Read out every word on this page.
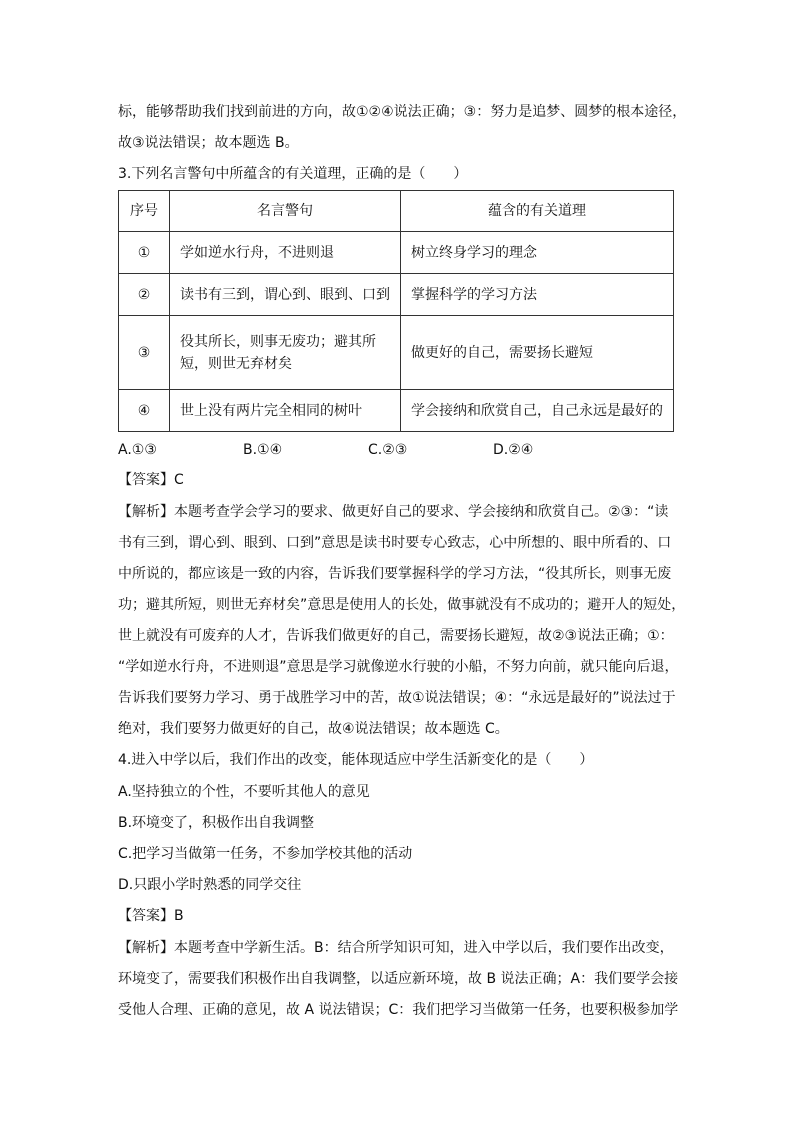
标，能够帮助我们找到前进的方向，故①②④说法正确；③：努力是追梦、圆梦的根本途径，
故③说法错误；故本题选 B。
3.下列名言警句中所蕴含的有关道理，正确的是（　　）
序号	名言警句	蕴含的有关道理
①	学如逆水行舟，不进则退	树立终身学习的理念
②	读书有三到，谓心到、眼到、口到	掌握科学的学习方法
③	役其所长，则事无废功；避其所短，则世无弃材矣	做更好的自己，需要扬长避短
④	世上没有两片完全相同的树叶	学会接纳和欣赏自己，自己永远是最好的
A.①③	B.①④	C.②③	D.②④
【答案】C
【解析】本题考查学会学习的要求、做更好自己的要求、学会接纳和欣赏自己。②③：“读
书有三到，谓心到、眼到、口到”意思是读书时要专心致志，心中所想的、眼中所看的、口
中所说的，都应该是一致的内容，告诉我们要掌握科学的学习方法，“役其所长，则事无废
功；避其所短，则世无弃材矣”意思是使用人的长处，做事就没有不成功的；避开人的短处，
世上就没有可废弃的人才，告诉我们做更好的自己，需要扬长避短，故②③说法正确；①：
“学如逆水行舟，不进则退”意思是学习就像逆水行驶的小船，不努力向前，就只能向后退，
告诉我们要努力学习、勇于战胜学习中的苦，故①说法错误；④：“永远是最好的”说法过于
绝对，我们要努力做更好的自己，故④说法错误；故本题选 C。
4.进入中学以后，我们作出的改变，能体现适应中学生活新变化的是（　　）
A.坚持独立的个性，不要听其他人的意见
B.环境变了，积极作出自我调整
C.把学习当做第一任务，不参加学校其他的活动
D.只跟小学时熟悉的同学交往
【答案】B
【解析】本题考查中学新生活。B：结合所学知识可知，进入中学以后，我们要作出改变，
环境变了，需要我们积极作出自我调整，以适应新环境，故 B 说法正确；A：我们要学会接
受他人合理、正确的意见，故 A 说法错误；C：我们把学习当做第一任务，也要积极参加学
